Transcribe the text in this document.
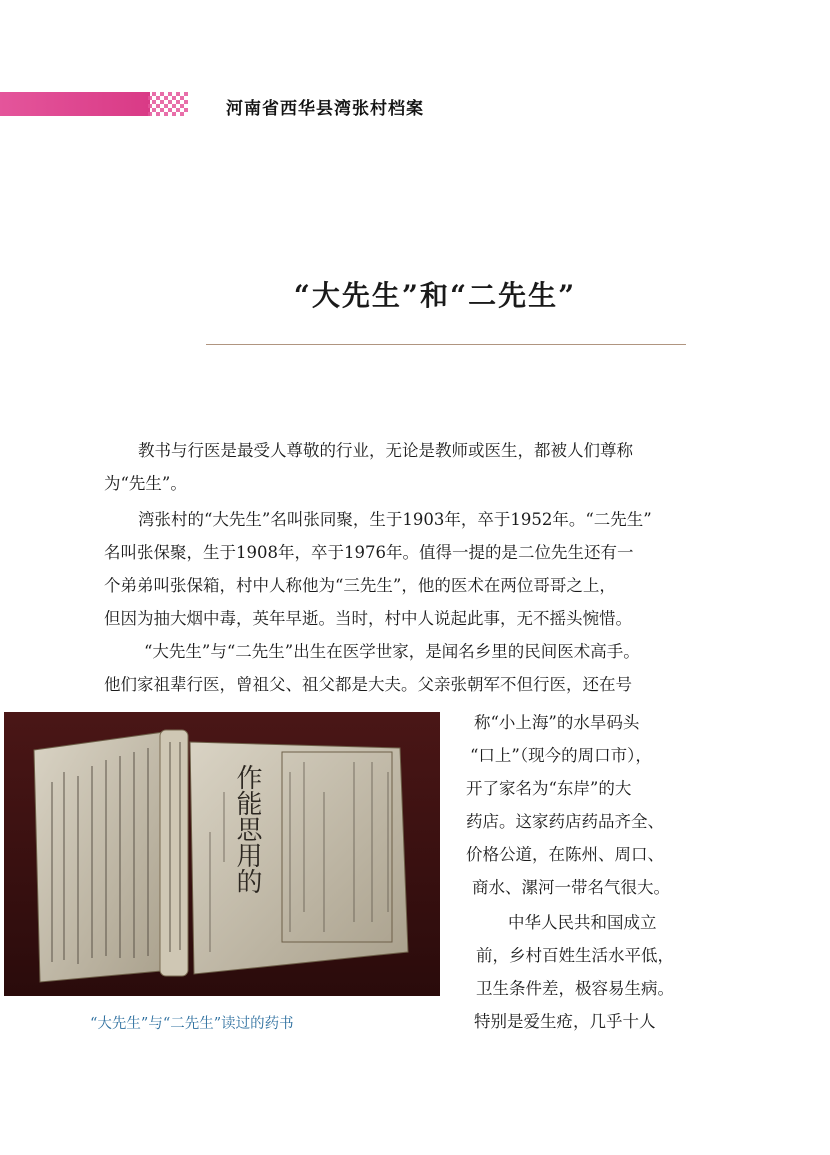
河南省西华县湾张村档案
“大先生”和“二先生”
教书与行医是最受人尊敬的行业，无论是教师或医生，都被人们尊称
为“先生”。
湾张村的“大先生”名叫张同聚，生于1903年，卒于1952年。“二先生”
名叫张保聚，生于1908年，卒于1976年。值得一提的是二位先生还有一
个弟弟叫张保箱，村中人称他为“三先生”，他的医术在两位哥哥之上，
但因为抽大烟中毒，英年早逝。当时，村中人说起此事，无不摇头惋惜。
“大先生”与“二先生”出生在医学世家，是闻名乡里的民间医术高手。
他们家祖辈行医，曾祖父、祖父都是大夫。父亲张朝军不但行医，还在号
称“小上海”的水旱码头
“口上”（现今的周口市），
开了家名为“东岸”的大
药店。这家药店药品齐全、
价格公道，在陈州、周口、
商水、漯河一带名气很大。
中华人民共和国成立
前，乡村百姓生活水平低，
卫生条件差，极容易生病。
特别是爱生疮，几乎十人
作能思用的
“大先生”与“二先生”读过的药书
